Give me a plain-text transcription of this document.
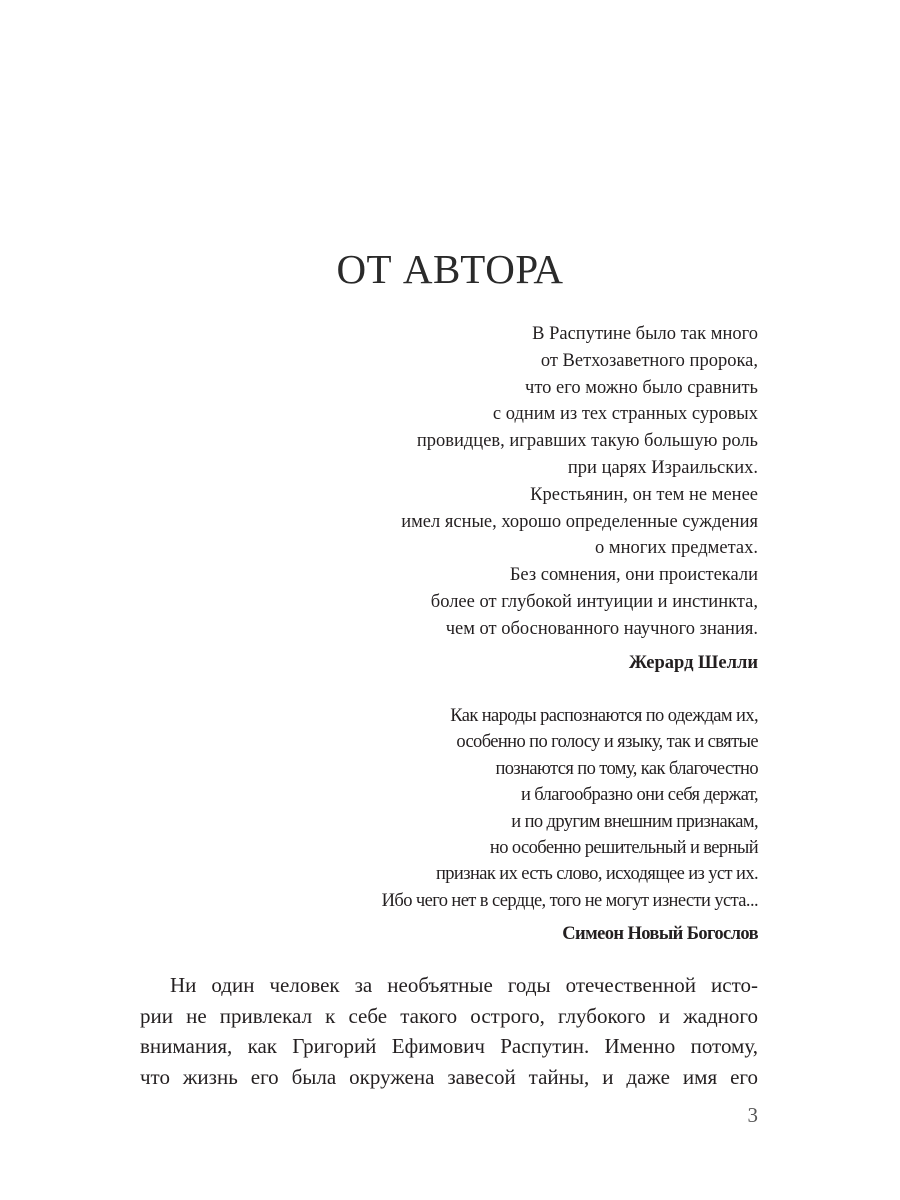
ОТ АВТОРА
В Распутине было так много
от Ветхозаветного пророка,
что его можно было сравнить
с одним из тех странных суровых
провидцев, игравших такую большую роль
при царях Израильских.
Крестьянин, он тем не менее
имел ясные, хорошо определенные суждения
о многих предметах.
Без сомнения, они проистекали
более от глубокой интуиции и инстинкта,
чем от обоснованного научного знания.
Жерард Шелли
Как народы распознаются по одеждам их,
особенно по голосу и языку, так и святые
познаются по тому, как благочестно
и благообразно они себя держат,
и по другим внешним признакам,
но особенно решительный и верный
признак их есть слово, исходящее из уст их.
Ибо чего нет в сердце, того не могут изнести уста...
Симеон Новый Богослов
Ни один человек за необъятные годы отечественной исто-
рии не привлекал к себе такого острого, глубокого и жадного
внимания, как Григорий Ефимович Распутин. Именно потому,
что жизнь его была окружена завесой тайны, и даже имя его
3
